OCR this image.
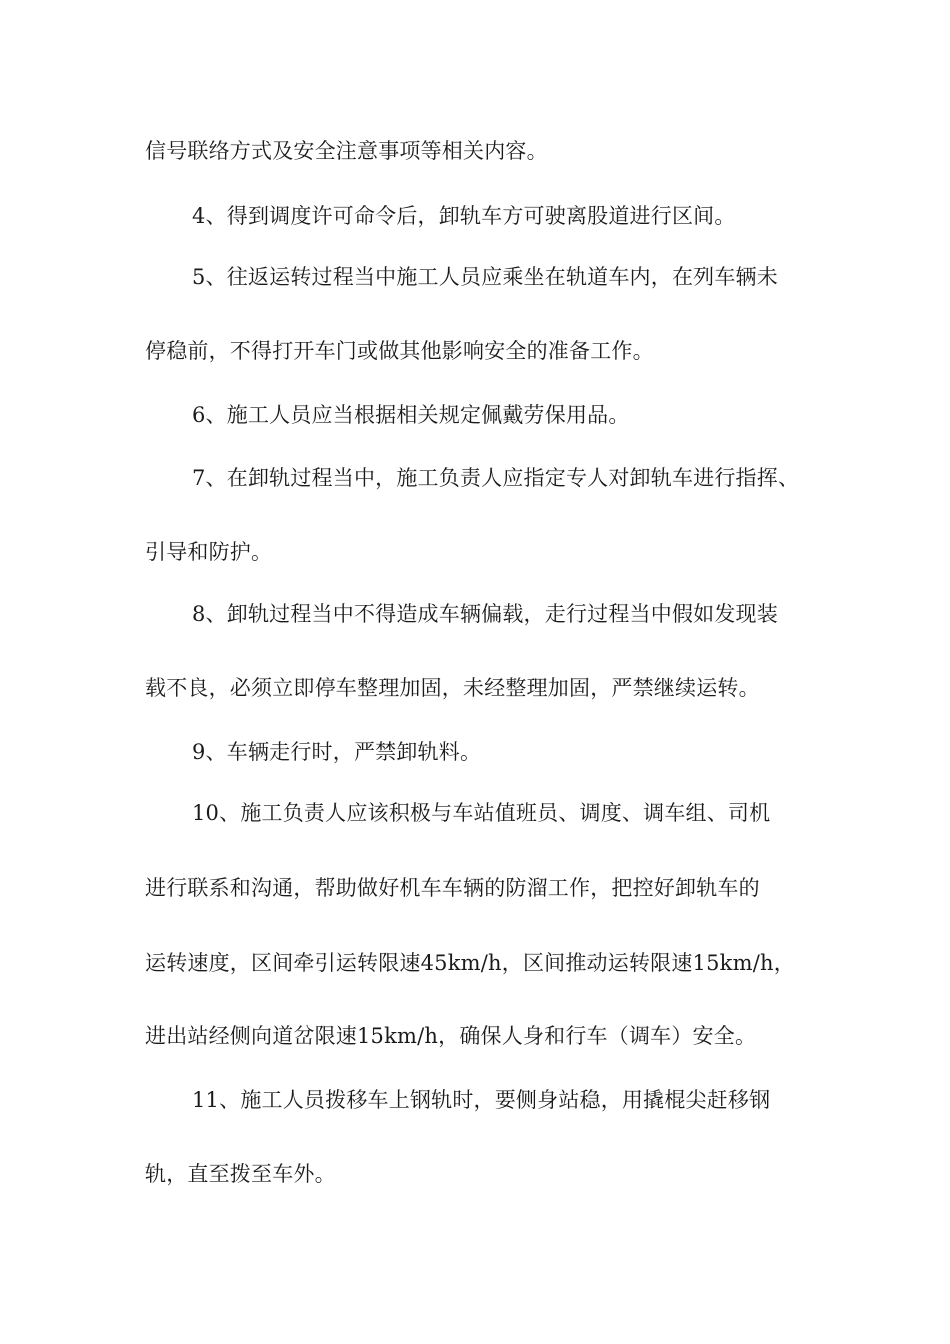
信号联络方式及安全注意事项等相关内容。

4、得到调度许可命令后，卸轨车方可驶离股道进行区间。

5、往返运转过程当中施工人员应乘坐在轨道车内，在列车辆未

停稳前，不得打开车门或做其他影响安全的准备工作。

6、施工人员应当根据相关规定佩戴劳保用品。

7、在卸轨过程当中，施工负责人应指定专人对卸轨车进行指挥、

引导和防护。

8、卸轨过程当中不得造成车辆偏载，走行过程当中假如发现装

载不良，必须立即停车整理加固，未经整理加固，严禁继续运转。

9、车辆走行时，严禁卸轨料。

10、施工负责人应该积极与车站值班员、调度、调车组、司机

进行联系和沟通，帮助做好机车车辆的防溜工作，把控好卸轨车的

运转速度，区间牵引运转限速45km/h，区间推动运转限速15km/h，

进出站经侧向道岔限速15km/h，确保人身和行车（调车）安全。

11、施工人员拨移车上钢轨时，要侧身站稳，用撬棍尖赶移钢

轨，直至拨至车外。
